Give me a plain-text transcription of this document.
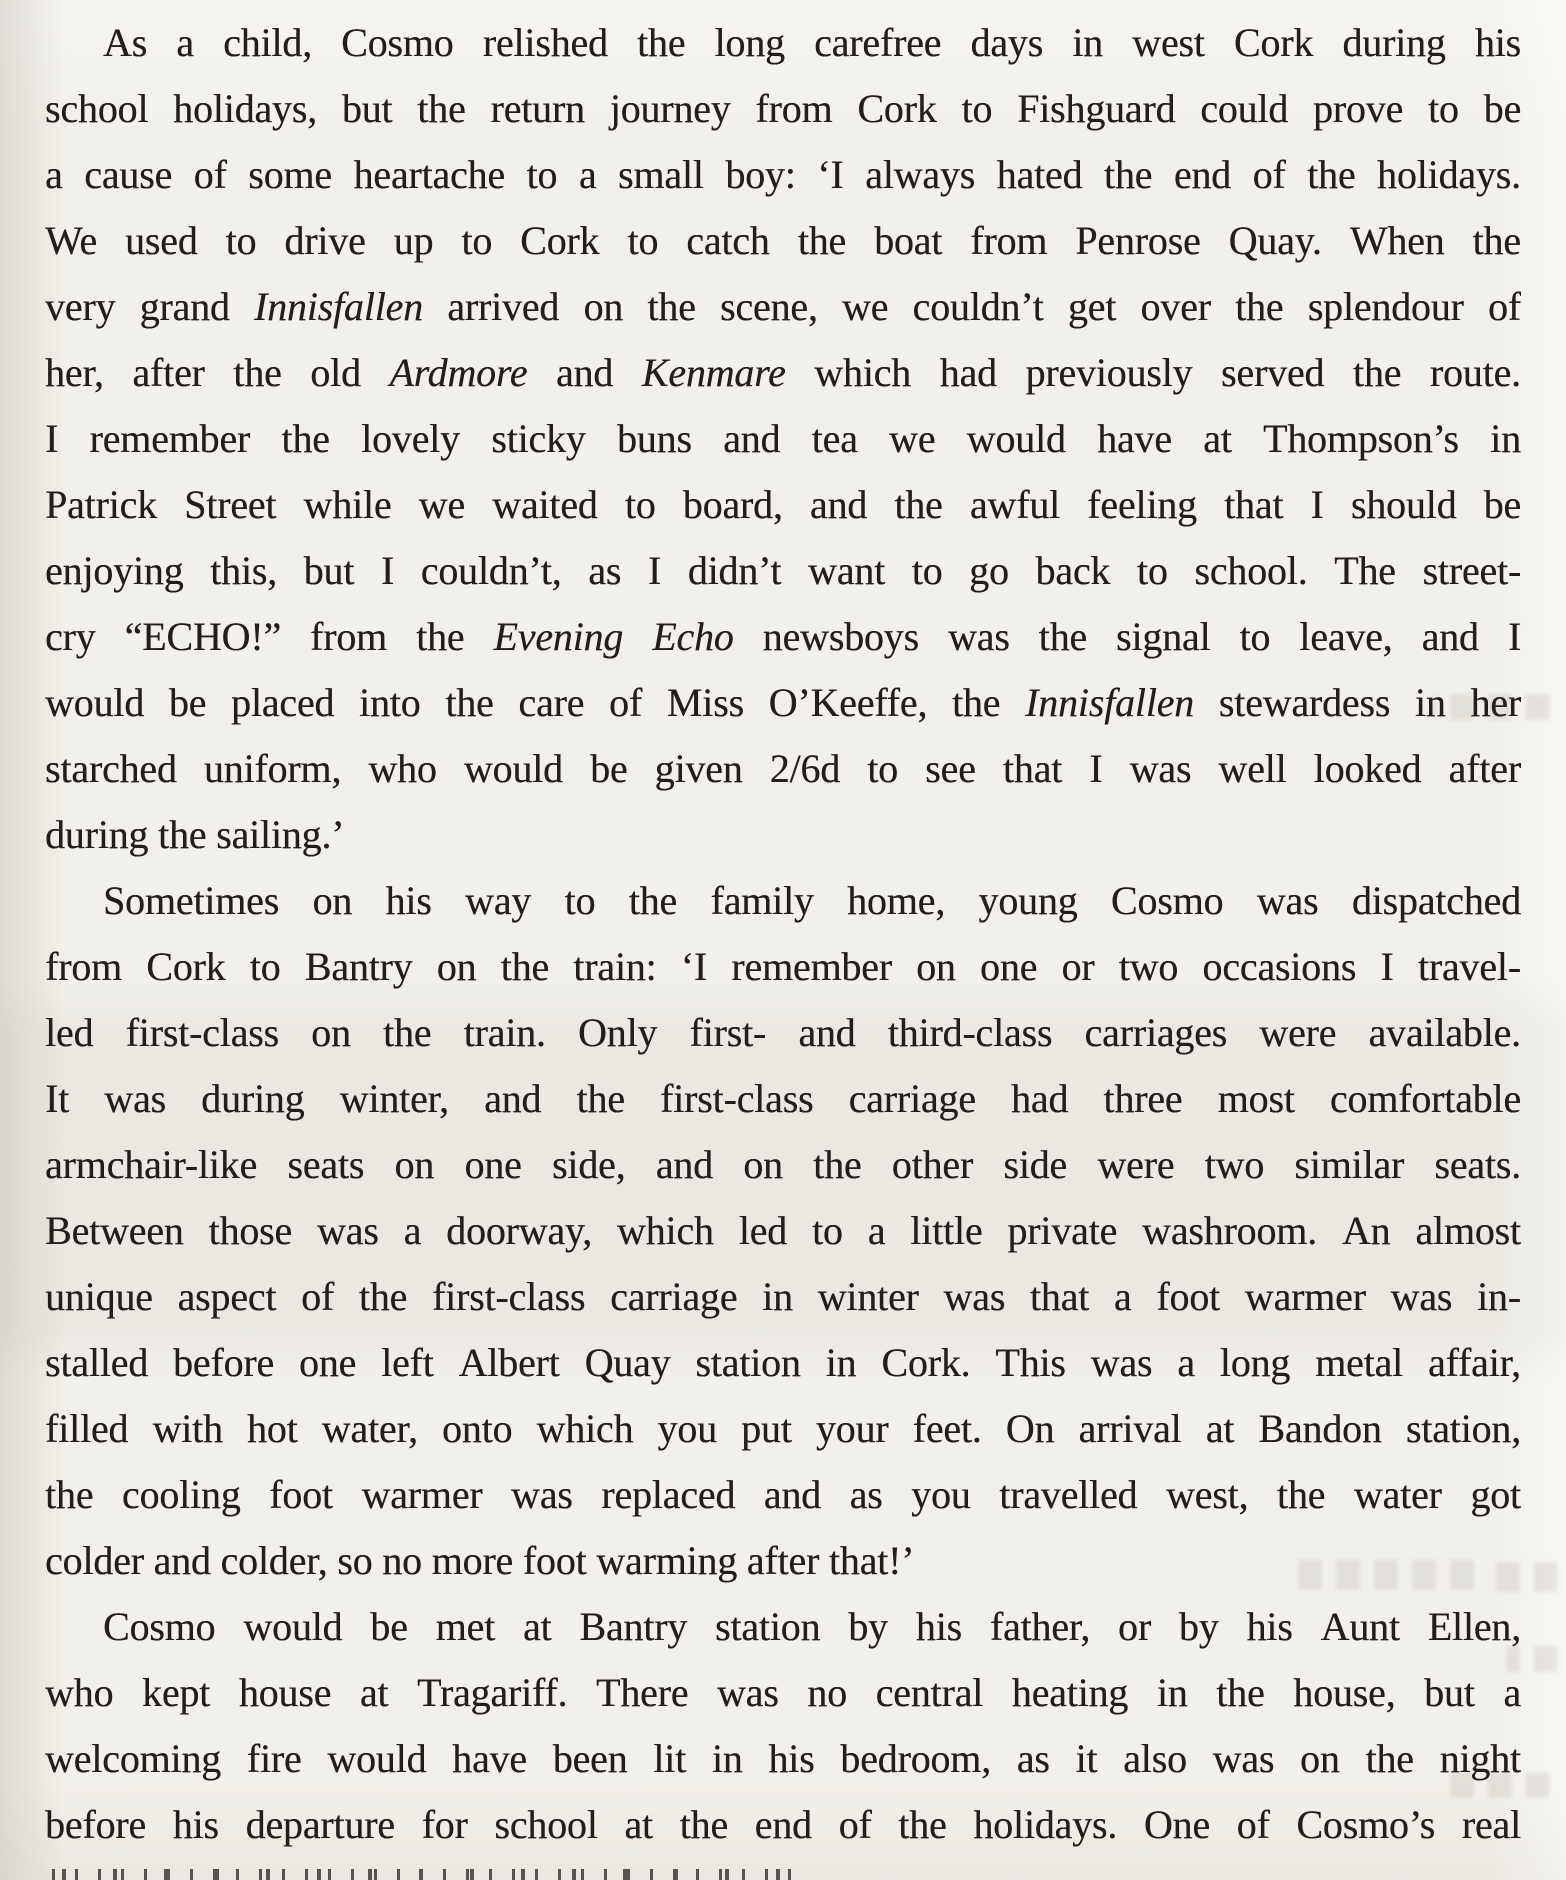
As a child, Cosmo relished the long carefree days in west Cork during his
school holidays, but the return journey from Cork to Fishguard could prove to be
a cause of some heartache to a small boy: ‘I always hated the end of the holidays.
We used to drive up to Cork to catch the boat from Penrose Quay. When the
very grand Innisfallen arrived on the scene, we couldn’t get over the splendour of
her, after the old Ardmore and Kenmare which had previously served the route.
I remember the lovely sticky buns and tea we would have at Thompson’s in
Patrick Street while we waited to board, and the awful feeling that I should be
enjoying this, but I couldn’t, as I didn’t want to go back to school. The street-
cry “ECHO!” from the Evening Echo newsboys was the signal to leave, and I
would be placed into the care of Miss O’Keeffe, the Innisfallen stewardess in her
starched uniform, who would be given 2/6d to see that I was well looked after
during the sailing.’
Sometimes on his way to the family home, young Cosmo was dispatched
from Cork to Bantry on the train: ‘I remember on one or two occasions I travel-
led first-class on the train. Only first- and third-class carriages were available.
It was during winter, and the first-class carriage had three most comfortable
armchair-like seats on one side, and on the other side were two similar seats.
Between those was a doorway, which led to a little private washroom. An almost
unique aspect of the first-class carriage in winter was that a foot warmer was in-
stalled before one left Albert Quay station in Cork. This was a long metal affair,
filled with hot water, onto which you put your feet. On arrival at Bandon station,
the cooling foot warmer was replaced and as you travelled west, the water got
colder and colder, so no more foot warming after that!’
Cosmo would be met at Bantry station by his father, or by his Aunt Ellen,
who kept house at Tragariff. There was no central heating in the house, but a
welcoming fire would have been lit in his bedroom, as it also was on the night
before his departure for school at the end of the holidays. One of Cosmo’s real
